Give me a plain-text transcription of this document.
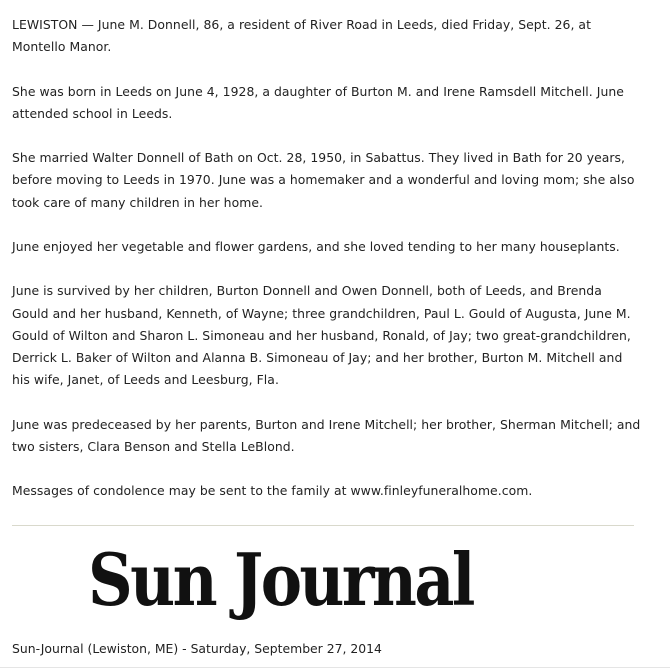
LEWISTON — June M. Donnell, 86, a resident of River Road in Leeds, died Friday, Sept. 26, at Montello Manor.

She was born in Leeds on June 4, 1928, a daughter of Burton M. and Irene Ramsdell Mitchell. June attended school in Leeds.

She married Walter Donnell of Bath on Oct. 28, 1950, in Sabattus. They lived in Bath for 20 years, before moving to Leeds in 1970. June was a homemaker and a wonderful and loving mom; she also took care of many children in her home.

June enjoyed her vegetable and flower gardens, and she loved tending to her many houseplants.

June is survived by her children, Burton Donnell and Owen Donnell, both of Leeds, and Brenda Gould and her husband, Kenneth, of Wayne; three grandchildren, Paul L. Gould of Augusta, June M. Gould of Wilton and Sharon L. Simoneau and her husband, Ronald, of Jay; two great-grandchildren, Derrick L. Baker of Wilton and Alanna B. Simoneau of Jay; and her brother, Burton M. Mitchell and his wife, Janet, of Leeds and Leesburg, Fla.

June was predeceased by her parents, Burton and Irene Mitchell; her brother, Sherman Mitchell; and two sisters, Clara Benson and Stella LeBlond.

Messages of condolence may be sent to the family at www.finleyfuneralhome.com.

Sun Journal
Sun-Journal (Lewiston, ME) - Saturday, September 27, 2014
